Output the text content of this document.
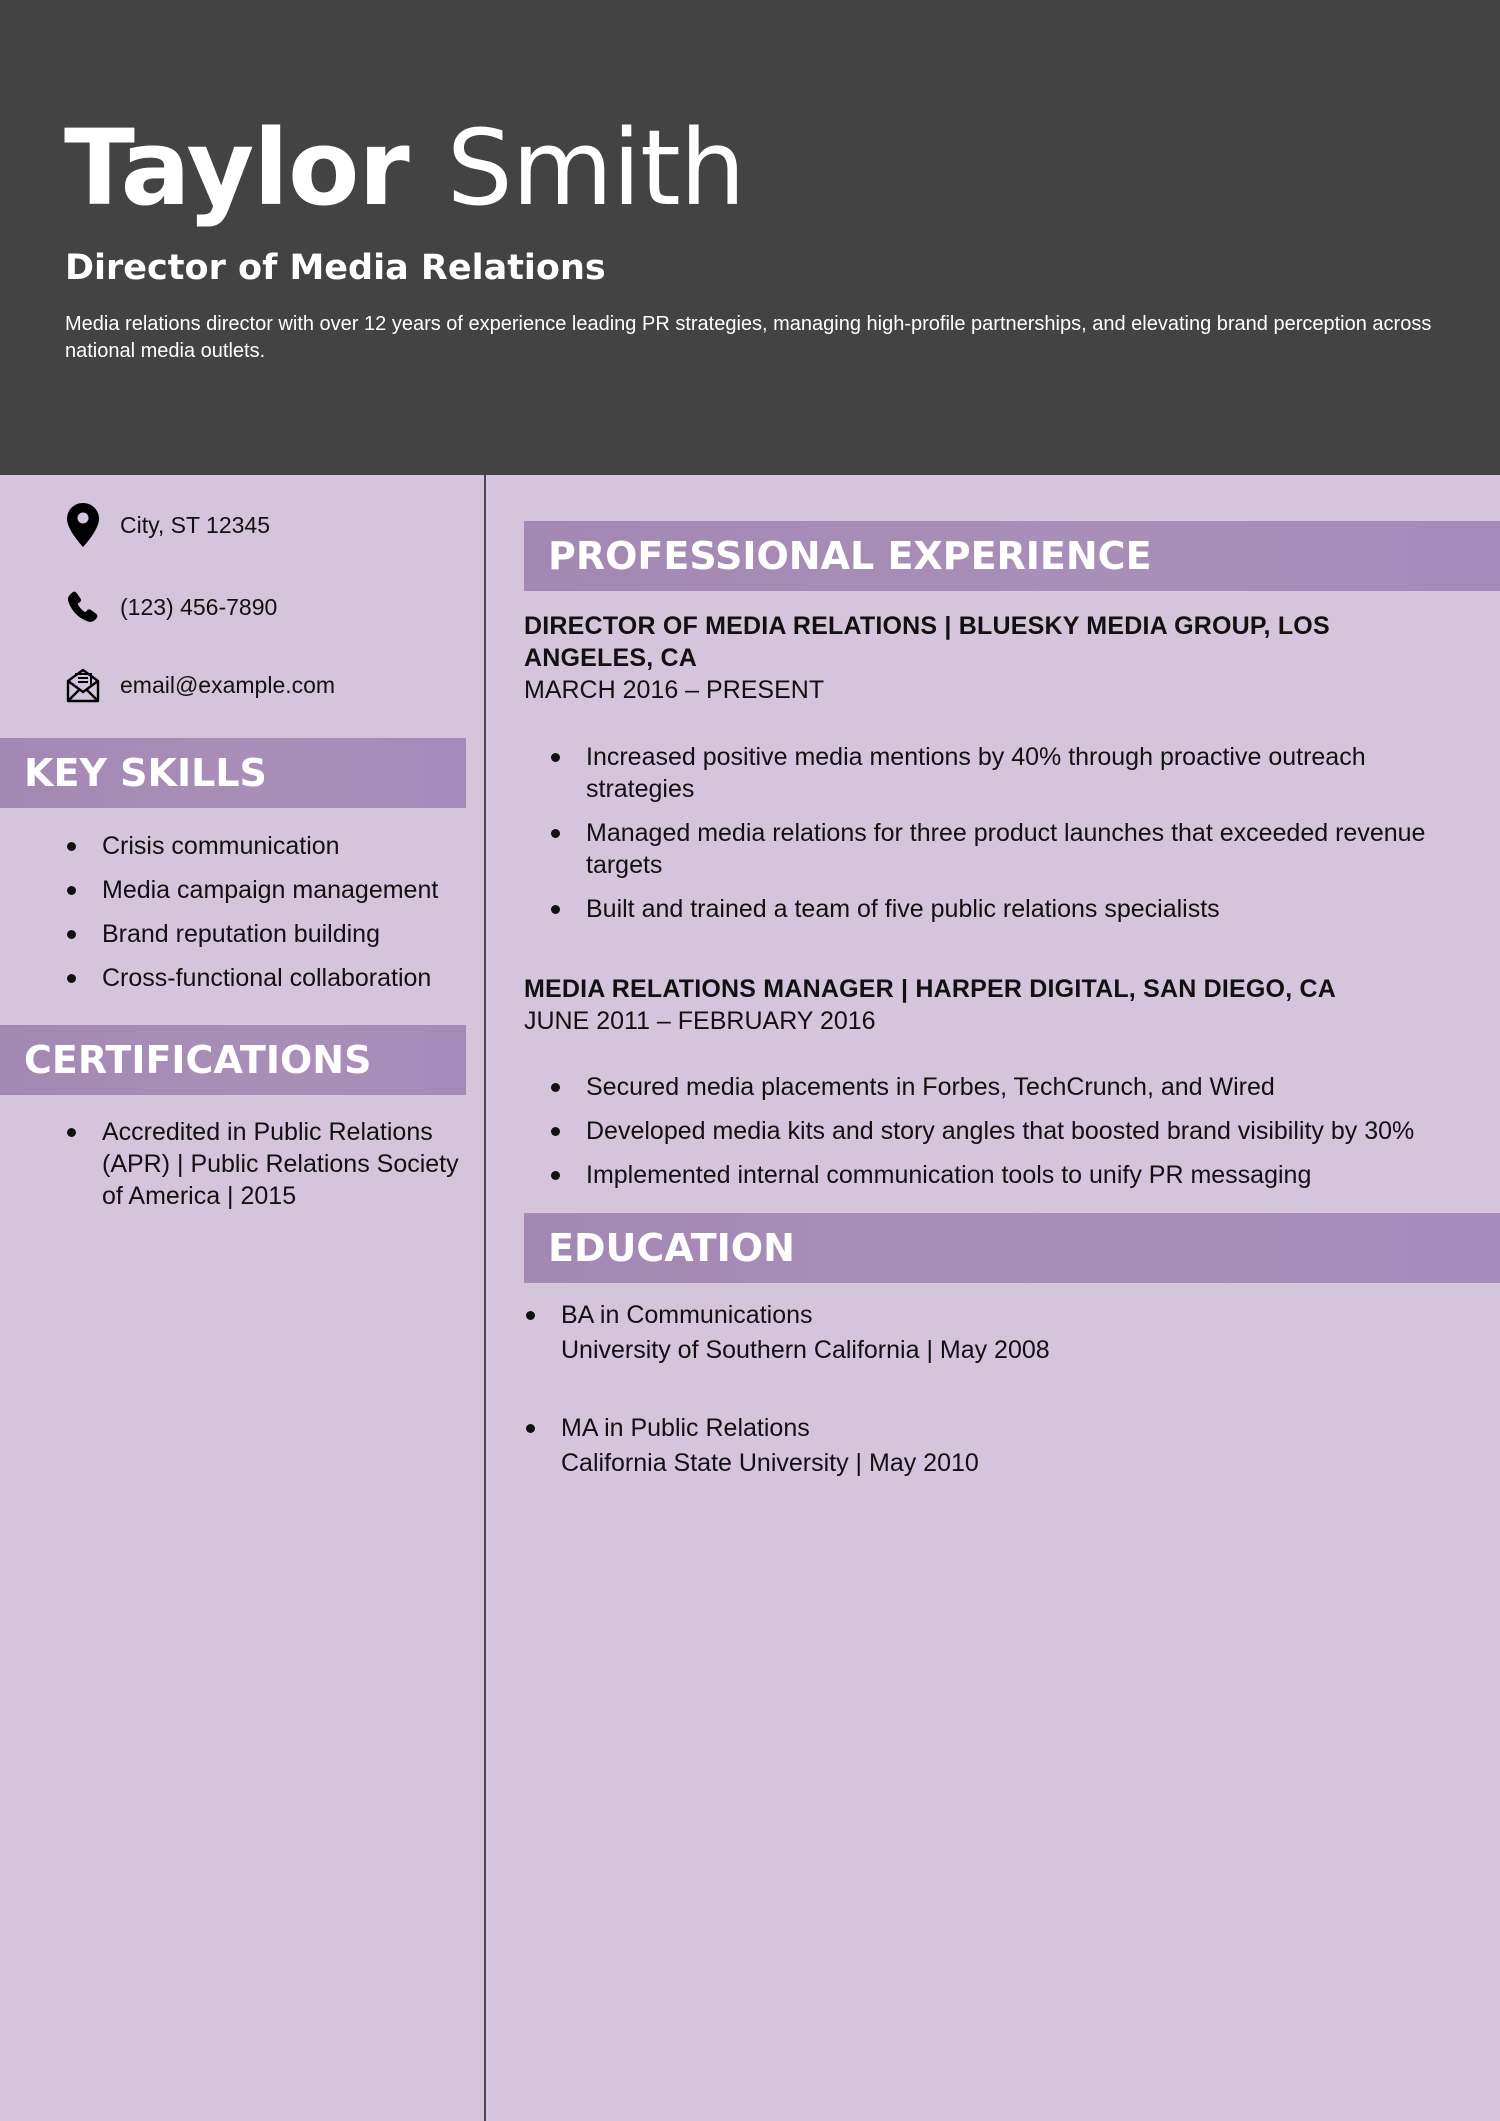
Taylor Smith
Director of Media Relations
Media relations director with over 12 years of experience leading PR strategies, managing high-profile partnerships, and elevating brand perception across national media outlets.
City, ST 12345
(123) 456-7890
email@example.com
KEY SKILLS
Crisis communication
Media campaign management
Brand reputation building
Cross-functional collaboration
CERTIFICATIONS
Accredited in Public Relations (APR) | Public Relations Society of America | 2015
PROFESSIONAL EXPERIENCE
DIRECTOR OF MEDIA RELATIONS | BLUESKY MEDIA GROUP, LOS ANGELES, CA
MARCH 2016 – PRESENT
Increased positive media mentions by 40% through proactive outreach strategies
Managed media relations for three product launches that exceeded revenue targets
Built and trained a team of five public relations specialists
MEDIA RELATIONS MANAGER | HARPER DIGITAL, SAN DIEGO, CA
JUNE 2011 – FEBRUARY 2016
Secured media placements in Forbes, TechCrunch, and Wired
Developed media kits and story angles that boosted brand visibility by 30%
Implemented internal communication tools to unify PR messaging
EDUCATION
BA in Communications
University of Southern California | May 2008
MA in Public Relations
California State University | May 2010
